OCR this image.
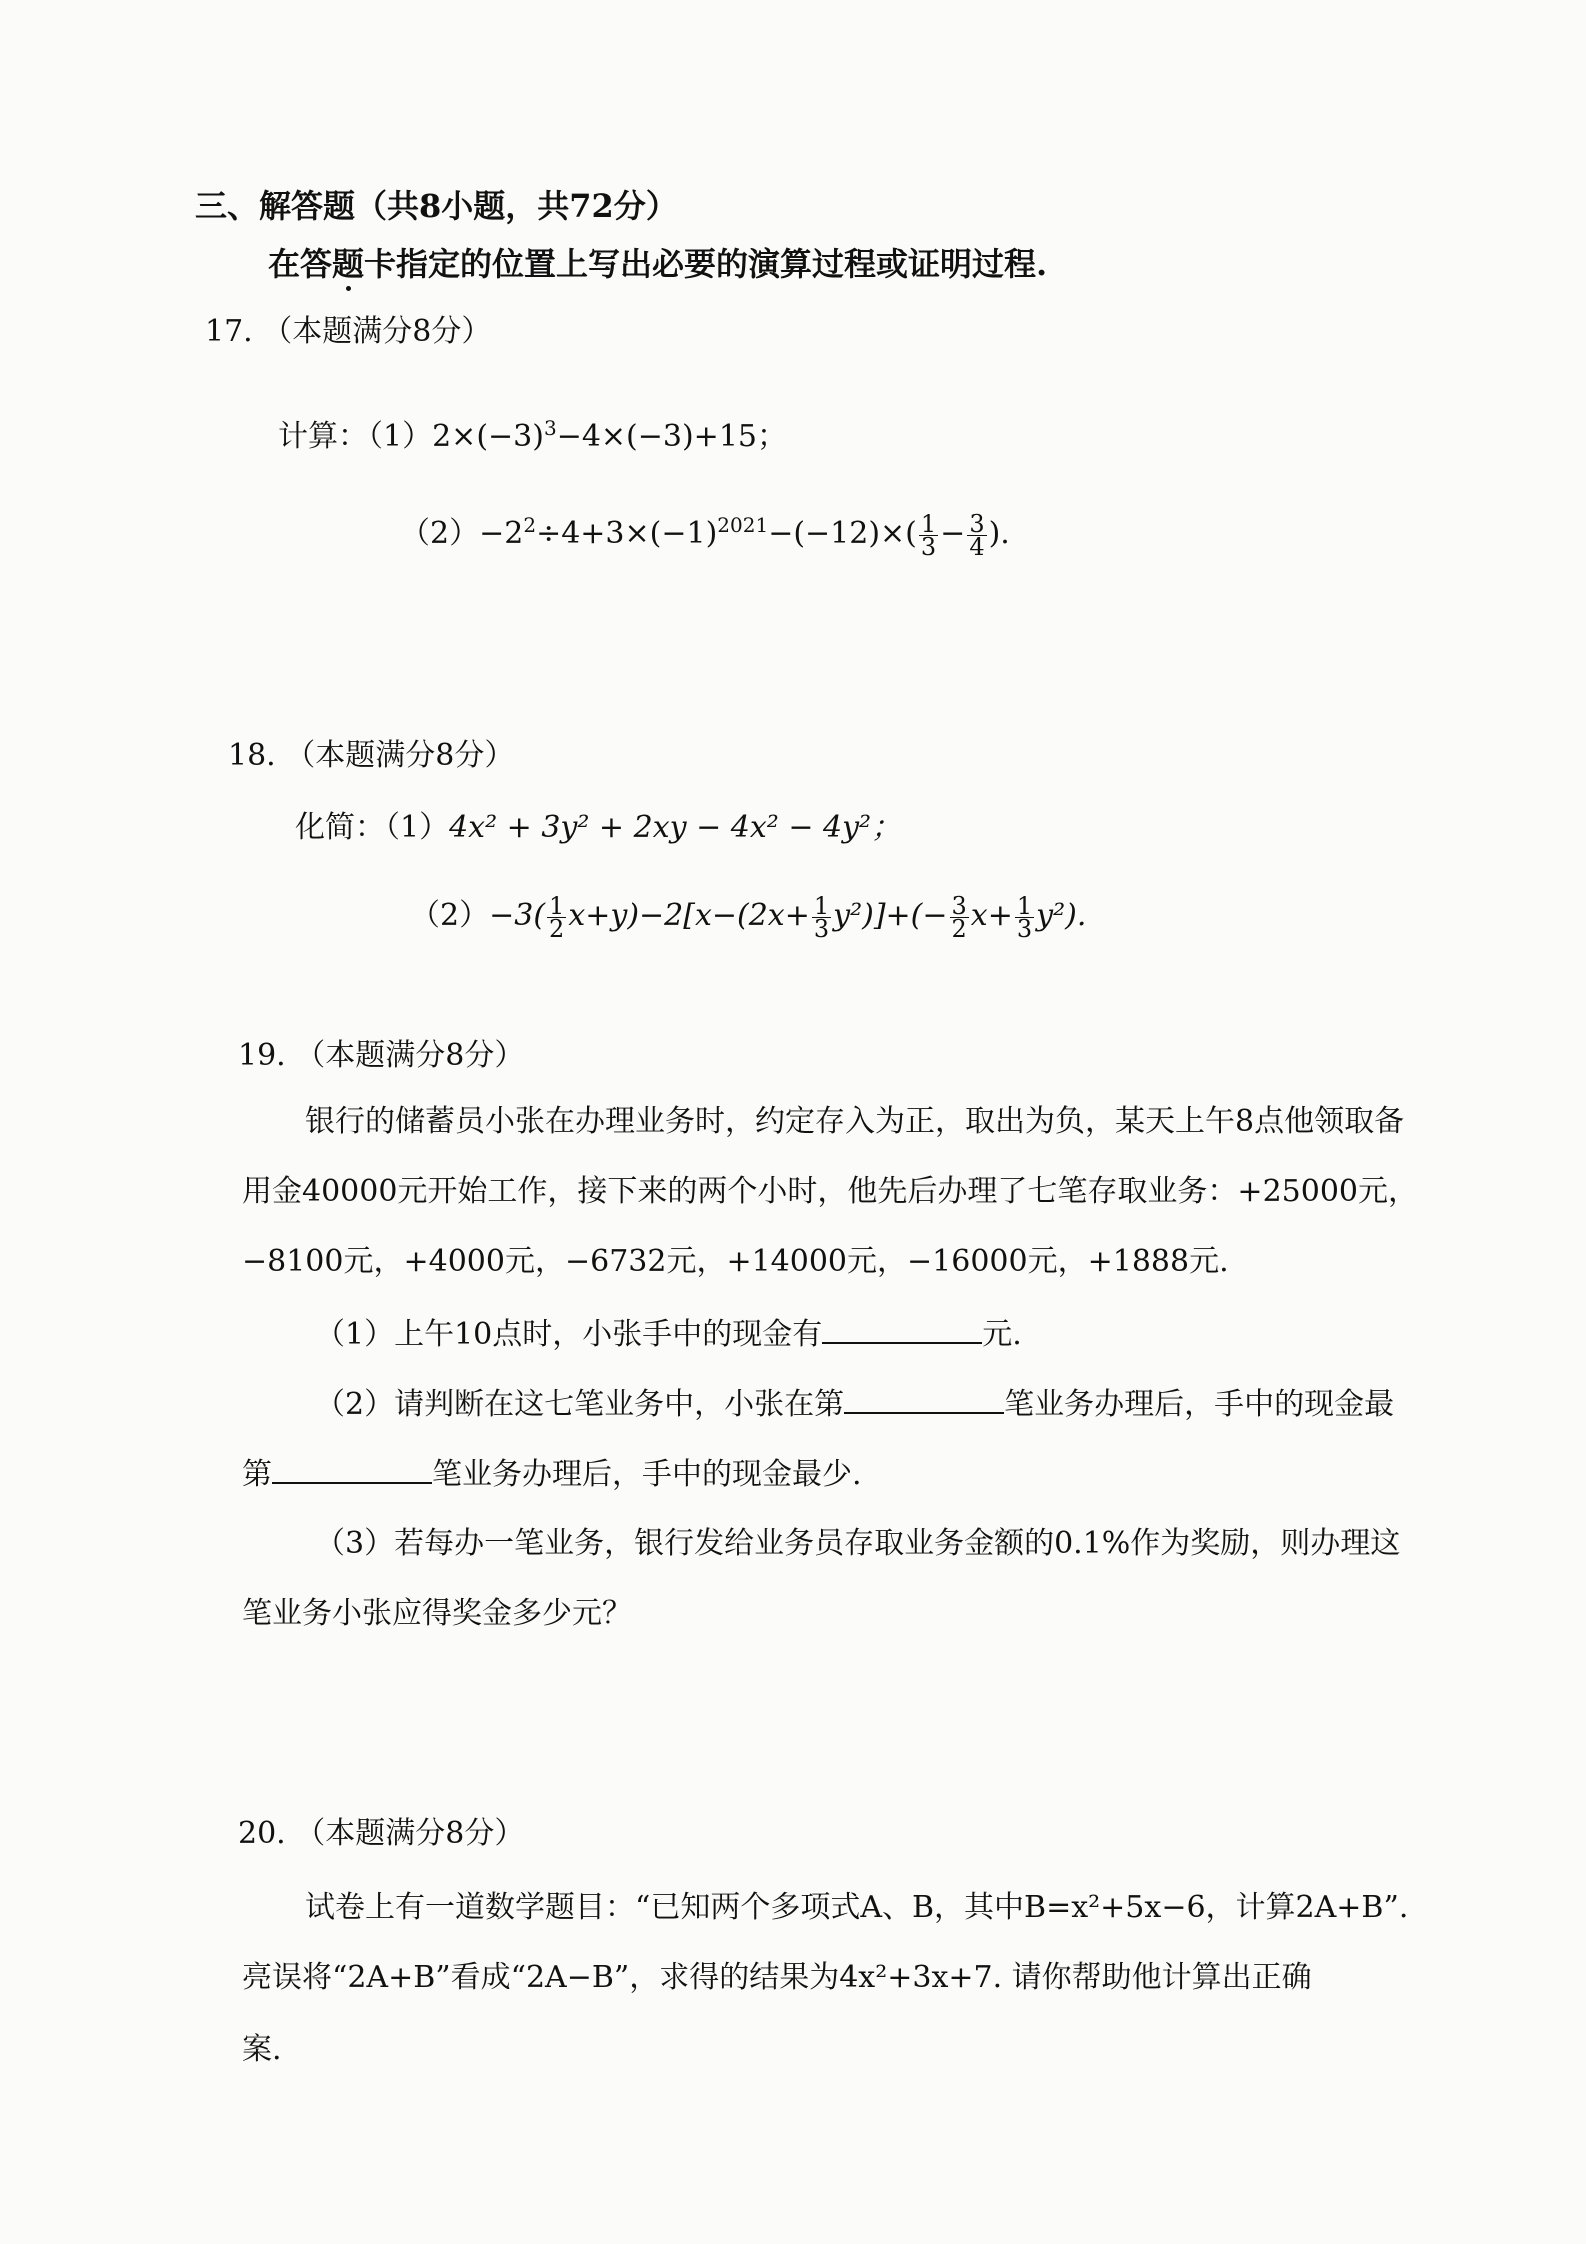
三、解答题（共8小题，共72分）
在答题卡指定的位置上写出必要的演算过程或证明过程.
17. （本题满分8分）
计算：$(1)2\times(-3)^3-4\times(-3)+15$；
$(2)-2^2\div 4+3\times(-1)^{2021}-(-12)\times( \frac{1}{3} - \frac{3}{4}$ ).
18. （本题满分8分）
化简：（1）4x² + 3y² + 2xy − 4x² − 4y²；
$(2)-3( \frac{1}{2} x+y)-2[x-(2x+ \frac{1}{3} y^2)]+(- \frac{3}{2} x+ \frac{1}{3} y^2)$.
19. （本题满分8分）
银行的储蓄员小张在办理业务时，约定存入为正，取出为负，某天上午8点他领取备
用金40000元开始工作，接下来的两个小时，他先后办理了七笔存取业务：+25000元，
−8100元，+4000元，−6732元，+14000元，−16000元，+1888元.
（1）上午10点时，小张手中的现金有	元.
（2）请判断在这七笔业务中，小张在第	笔业务办理后，手中的现金最
第	笔业务办理后，手中的现金最少.
（3）若每办一笔业务，银行发给业务员存取业务金额的0.1%作为奖励，则办理这
笔业务小张应得奖金多少元？
20. （本题满分8分）
试卷上有一道数学题目：“已知两个多项式A、B，其中B=x²+5x−6，计算2A+B”.
亮误将“2A+B”看成“2A−B”，求得的结果为4x²+3x+7. 请你帮助他计算出正确
案.
